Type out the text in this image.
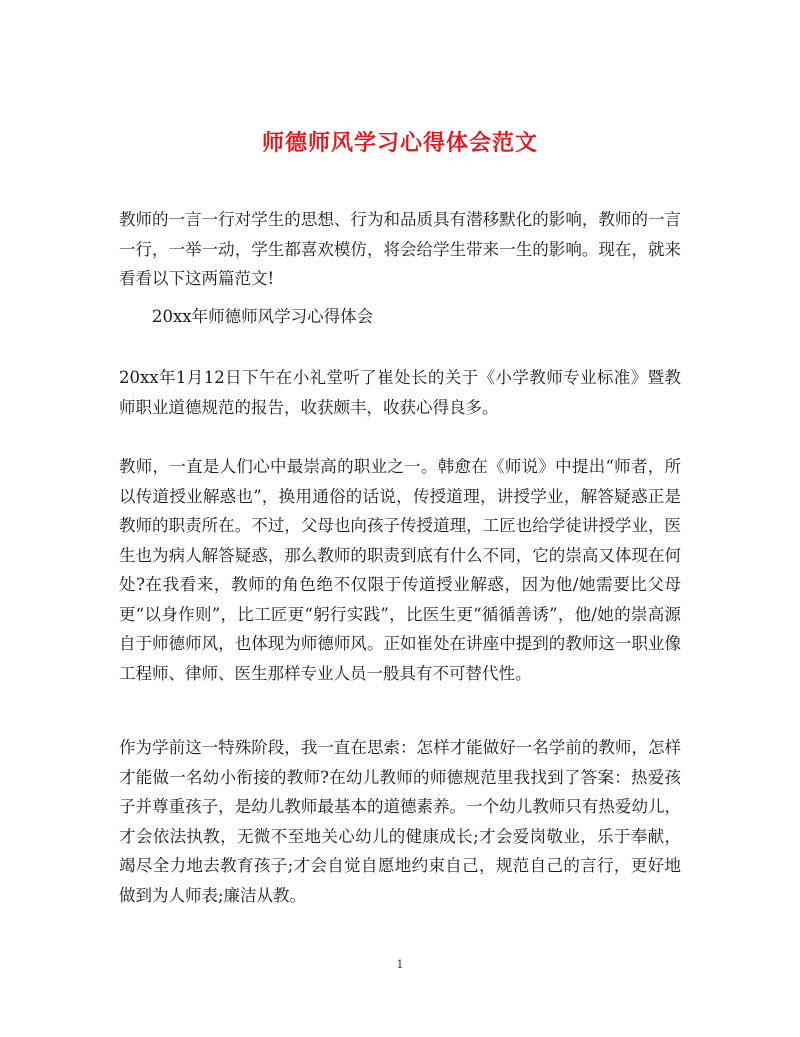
师德师风学习心得体会范文

教师的一言一行对学生的思想、行为和品质具有潜移默化的影响，教师的一言一行，一举一动，学生都喜欢模仿，将会给学生带来一生的影响。现在，就来看看以下这两篇范文!

20xx年师德师风学习心得体会

20xx年1月12日下午在小礼堂听了崔处长的关于《小学教师专业标准》暨教师职业道德规范的报告，收获颇丰，收获心得良多。

教师，一直是人们心中最崇高的职业之一。韩愈在《师说》中提出“师者，所以传道授业解惑也”，换用通俗的话说，传授道理，讲授学业，解答疑惑正是教师的职责所在。不过，父母也向孩子传授道理，工匠也给学徒讲授学业，医生也为病人解答疑惑，那么教师的职责到底有什么不同，它的崇高又体现在何处?在我看来，教师的角色绝不仅限于传道授业解惑，因为他/她需要比父母更“以身作则”，比工匠更“躬行实践”，比医生更“循循善诱”，他/她的崇高源自于师德师风，也体现为师德师风。正如崔处在讲座中提到的教师这一职业像工程师、律师、医生那样专业人员一般具有不可替代性。

作为学前这一特殊阶段，我一直在思索：怎样才能做好一名学前的教师，怎样才能做一名幼小衔接的教师?在幼儿教师的师德规范里我找到了答案：热爱孩子并尊重孩子，是幼儿教师最基本的道德素养。一个幼儿教师只有热爱幼儿，才会依法执教，无微不至地关心幼儿的健康成长;才会爱岗敬业，乐于奉献，竭尽全力地去教育孩子;才会自觉自愿地约束自己，规范自己的言行，更好地做到为人师表;廉洁从教。

1
